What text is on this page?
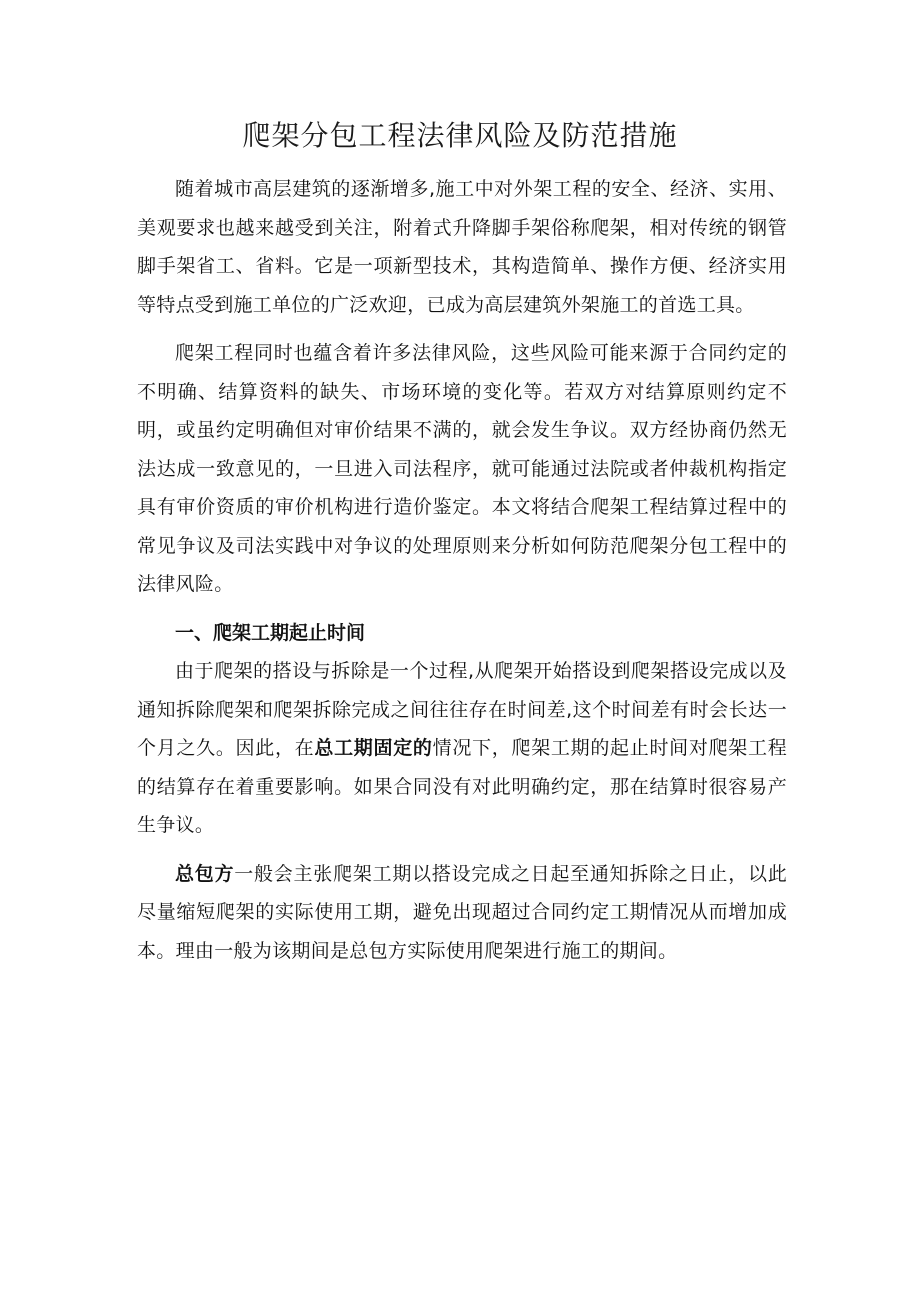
爬架分包工程法律风险及防范措施

随着城市高层建筑的逐渐增多,施工中对外架工程的安全、经济、实用、美观要求也越来越受到关注，附着式升降脚手架俗称爬架，相对传统的钢管脚手架省工、省料。它是一项新型技术，其构造简单、操作方便、经济实用等特点受到施工单位的广泛欢迎，已成为高层建筑外架施工的首选工具。

爬架工程同时也蕴含着许多法律风险，这些风险可能来源于合同约定的不明确、结算资料的缺失、市场环境的变化等。若双方对结算原则约定不明，或虽约定明确但对审价结果不满的，就会发生争议。双方经协商仍然无法达成一致意见的，一旦进入司法程序，就可能通过法院或者仲裁机构指定具有审价资质的审价机构进行造价鉴定。本文将结合爬架工程结算过程中的常见争议及司法实践中对争议的处理原则来分析如何防范爬架分包工程中的法律风险。

一、爬架工期起止时间

由于爬架的搭设与拆除是一个过程,从爬架开始搭设到爬架搭设完成以及通知拆除爬架和爬架拆除完成之间往往存在时间差,这个时间差有时会长达一个月之久。因此，在总工期固定的情况下，爬架工期的起止时间对爬架工程的结算存在着重要影响。如果合同没有对此明确约定，那在结算时很容易产生争议。

总包方一般会主张爬架工期以搭设完成之日起至通知拆除之日止，以此尽量缩短爬架的实际使用工期，避免出现超过合同约定工期情况从而增加成本。理由一般为该期间是总包方实际使用爬架进行施工的期间。
